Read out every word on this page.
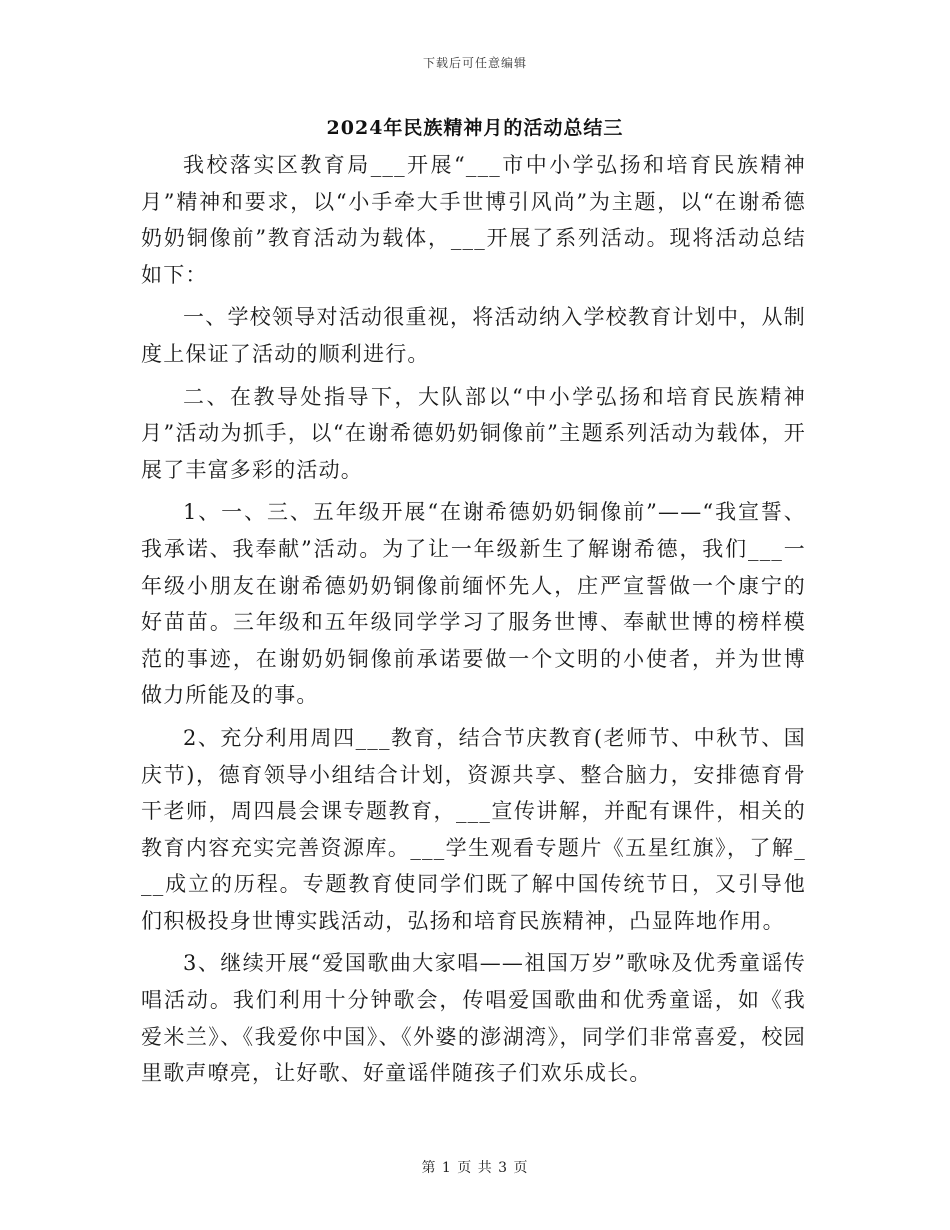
下载后可任意编辑
2024年民族精神月的活动总结三

我校落实区教育局___开展“___市中小学弘扬和培育民族精神月”精神和要求，以“小手牵大手世博引风尚”为主题，以“在谢希德奶奶铜像前”教育活动为载体，___开展了系列活动。现将活动总结如下：

一、学校领导对活动很重视，将活动纳入学校教育计划中，从制度上保证了活动的顺利进行。

二、在教导处指导下，大队部以“中小学弘扬和培育民族精神月”活动为抓手，以“在谢希德奶奶铜像前”主题系列活动为载体，开展了丰富多彩的活动。

1、一、三、五年级开展“在谢希德奶奶铜像前”——“我宣誓、我承诺、我奉献”活动。为了让一年级新生了解谢希德，我们___一年级小朋友在谢希德奶奶铜像前缅怀先人，庄严宣誓做一个康宁的好苗苗。三年级和五年级同学学习了服务世博、奉献世博的榜样模范的事迹，在谢奶奶铜像前承诺要做一个文明的小使者，并为世博做力所能及的事。

2、充分利用周四___教育，结合节庆教育(老师节、中秋节、国庆节)，德育领导小组结合计划，资源共享、整合脑力，安排德育骨干老师，周四晨会课专题教育，___宣传讲解，并配有课件，相关的教育内容充实完善资源库。___学生观看专题片《五星红旗》，了解___成立的历程。专题教育使同学们既了解中国传统节日，又引导他们积极投身世博实践活动，弘扬和培育民族精神，凸显阵地作用。

3、继续开展“爱国歌曲大家唱——祖国万岁”歌咏及优秀童谣传唱活动。我们利用十分钟歌会，传唱爱国歌曲和优秀童谣，如《我爱米兰》、《我爱你中国》、《外婆的澎湖湾》，同学们非常喜爱，校园里歌声嘹亮，让好歌、好童谣伴随孩子们欢乐成长。

第 1 页 共 3 页
